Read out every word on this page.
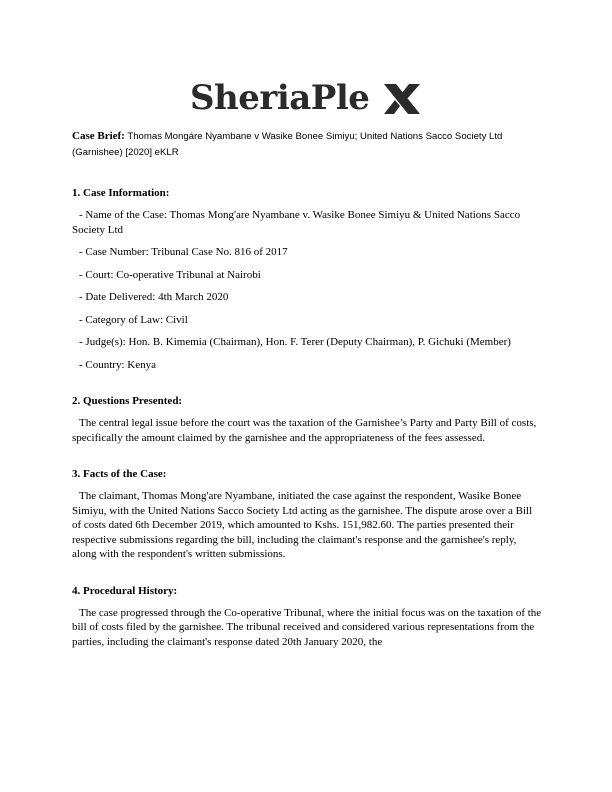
SheriaPle
Case Brief: Thomas Mongáre Nyambane v Wasike Bonee Simiyu; United Nations Sacco Society Ltd (Garnishee) [2020] eKLR

1. Case Information:

- Name of the Case: Thomas Mong'are Nyambane v. Wasike Bonee Simiyu & United Nations Sacco Society Ltd

- Case Number: Tribunal Case No. 816 of 2017

- Court: Co-operative Tribunal at Nairobi

- Date Delivered: 4th March 2020

- Category of Law: Civil

- Judge(s): Hon. B. Kimemia (Chairman), Hon. F. Terer (Deputy Chairman), P. Gichuki (Member)

- Country: Kenya

2. Questions Presented:

The central legal issue before the court was the taxation of the Garnishee’s Party and Party Bill of costs, specifically the amount claimed by the garnishee and the appropriateness of the fees assessed.

3. Facts of the Case:

The claimant, Thomas Mong'are Nyambane, initiated the case against the respondent, Wasike Bonee Simiyu, with the United Nations Sacco Society Ltd acting as the garnishee. The dispute arose over a Bill of costs dated 6th December 2019, which amounted to Kshs. 151,982.60. The parties presented their respective submissions regarding the bill, including the claimant's response and the garnishee's reply, along with the respondent's written submissions.

4. Procedural History:

The case progressed through the Co-operative Tribunal, where the initial focus was on the taxation of the bill of costs filed by the garnishee. The tribunal received and considered various representations from the parties, including the claimant's response dated 20th January 2020, the
